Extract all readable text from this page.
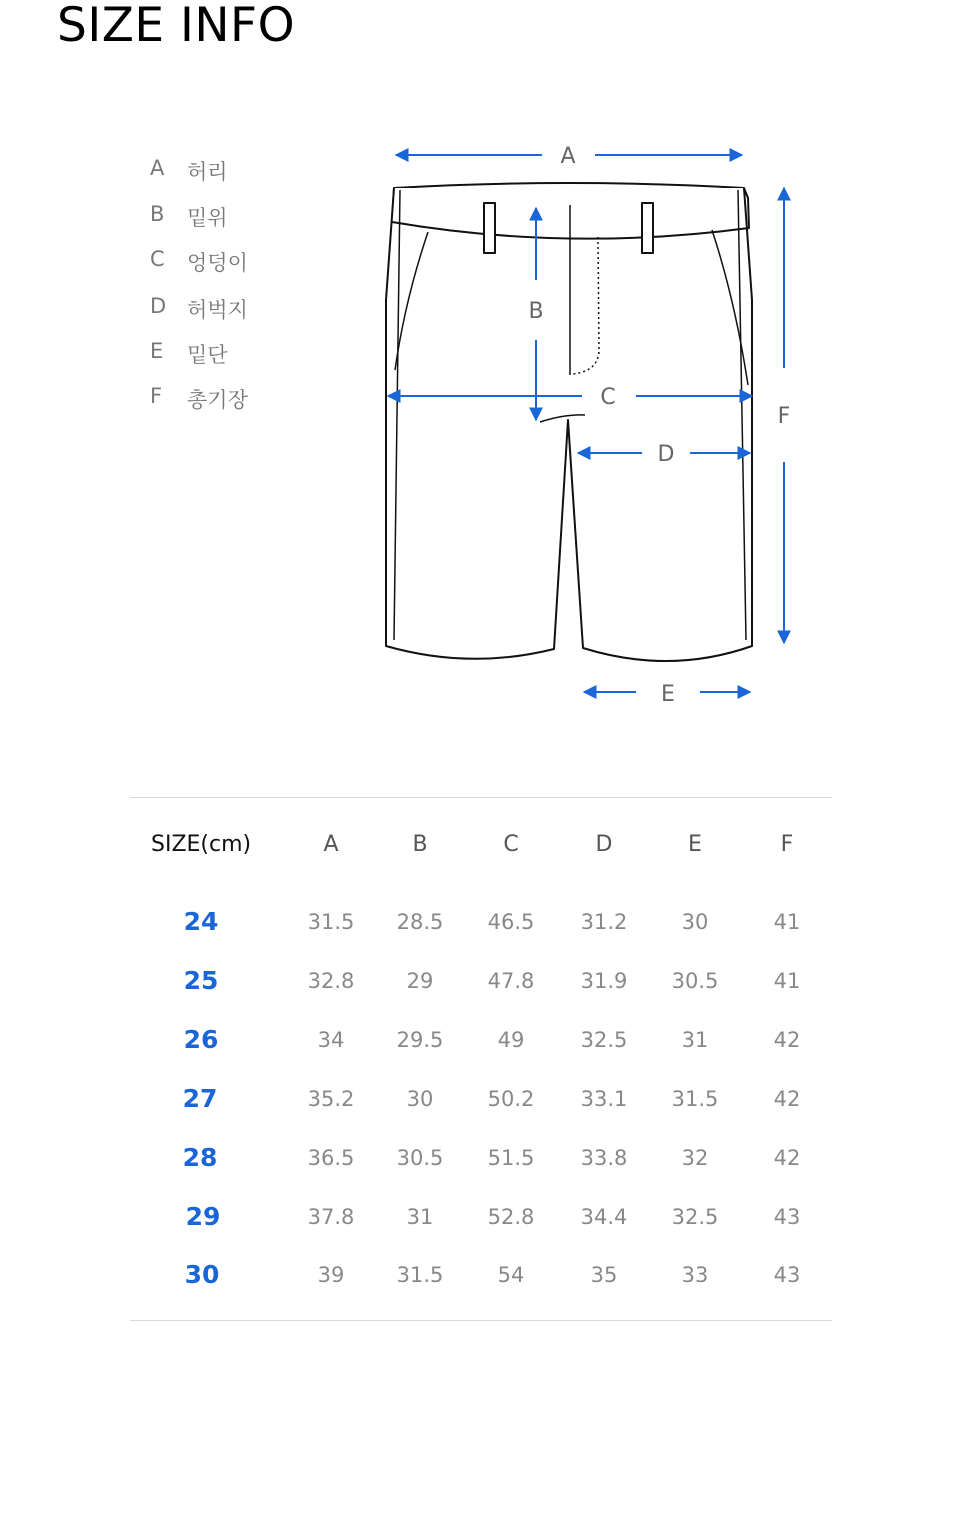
SIZE INFO
A	허리
B	밑위
C	엉덩이
D 허벅지
E	밑단
F	총기장
A
B
C
D
F
E
SIZE(cm)	A	B	C	D	E	F
24	31.5	28.5	46.5	31.2	30	41
25	32.8	29	47.8	31.9	30.5	41
26	34	29.5	49	32.5	31	42
27	35.2	30	50.2	33.1	31.5	42
28	36.5	30.5	51.5	33.8	32	42
29	37.8	31	52.8	34.4	32.5	43
30	39	31.5	54	35	33	43
